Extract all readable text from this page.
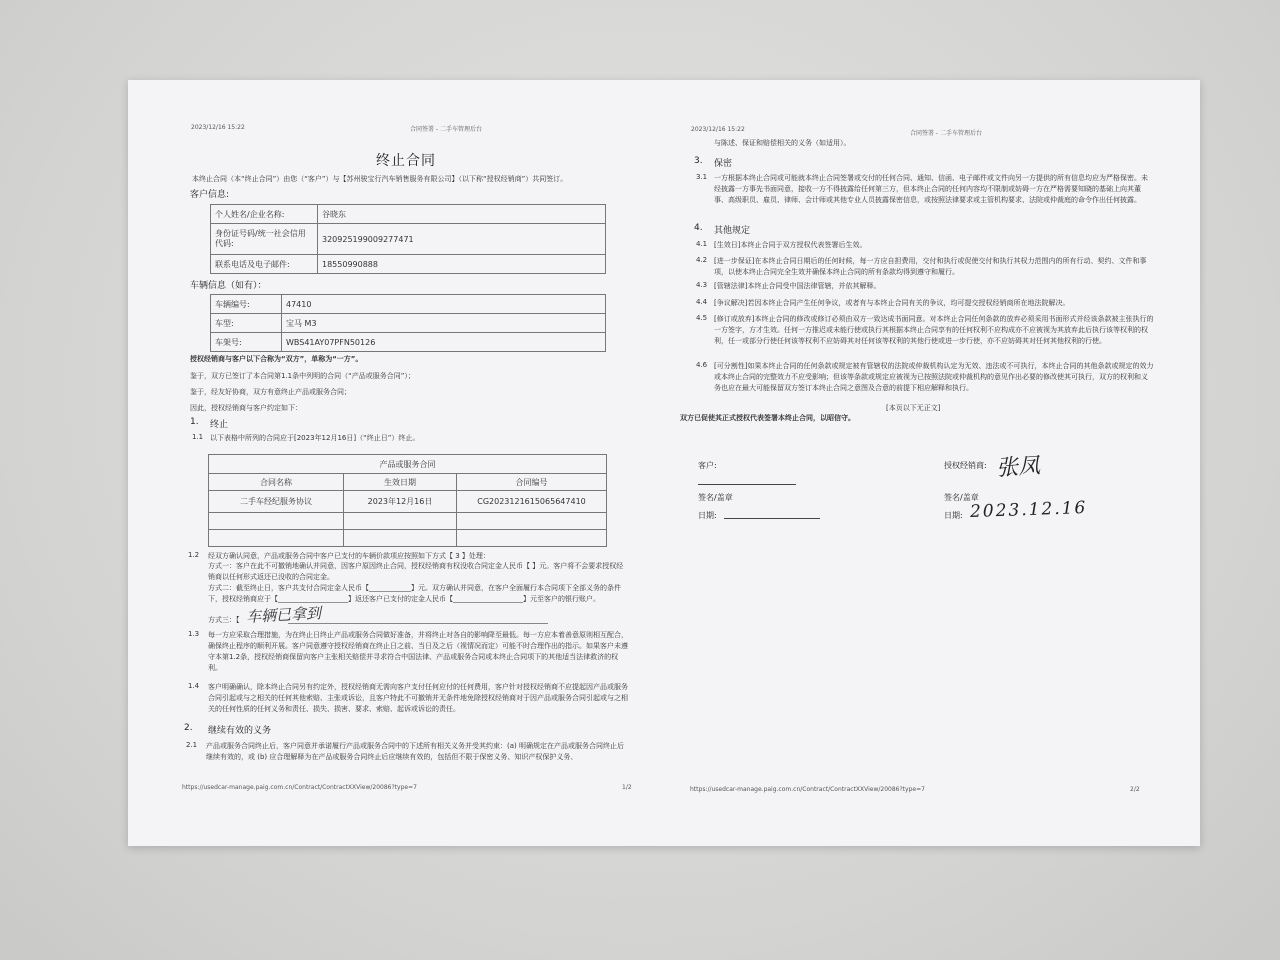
2023/12/16 15:22	合同签署 - 二手车管理后台
终止合同
本终止合同（本“终止合同”）由您（“客户”）与【苏州骏宝行汽车销售服务有限公司】（以下称“授权经销商”）共同签订。
客户信息:
个人姓名/企业名称:	谷晓东
身份证号码/统一社会信用代码:	320925199009277471
联系电话及电子邮件:	18550990888
车辆信息（如有）：
车辆编号:	47410
车型:	宝马 M3
车架号:	WBS41AY07PFN50126
授权经销商与客户以下合称为“双方”，单称为“一方”。
鉴于，双方已签订了本合同第1.1条中列明的合同（“产品或服务合同”）；
鉴于，经友好协商，双方有意终止产品或服务合同；
因此，授权经销商与客户约定如下：
1. 终止
1.1 以下表格中所列的合同应于[2023年12月16日]（“终止日”）终止。
产品或服务合同		
合同名称	生效日期	合同编号
二手车经纪服务协议	2023年12月16日	CG2023121615065647410

1.2 经双方确认同意，产品或服务合同中客户已支付的车辆价款项应按照如下方式【 3 】处理：
方式一：客户在此不可撤销地确认并同意，因客户原因终止合同，授权经销商有权没收合同定金人民币【 】元。客户将不会要求授权经销商以任何形式返还已没收的合同定金。
方式二：截至终止日，客户共支付合同定金人民币【____________】元。双方确认并同意，在客户全面履行本合同项下全部义务的条件下，授权经销商应于【____________________】返还客户已支付的定金人民币【____________________】元至客户的银行账户。
方式三：【 车辆已拿到
1.3 每一方应采取合理措施，为在终止日终止产品或服务合同做好准备，并将终止对各自的影响降至最低。每一方应本着善意原则相互配合，确保终止程序的顺利开展。客户同意遵守授权经销商在终止日之前、当日及之后（视情况而定）可能不时合理作出的指示。如果客户未遵守本第1.2条，授权经销商保留向客户主张相关赔偿并寻求符合中国法律、产品或服务合同或本终止合同项下的其他适当法律救济的权利。
1.4 客户明确确认，除本终止合同另有约定外，授权经销商无需向客户支付任何应付的任何费用，客户针对授权经销商不应提起因产品或服务合同引起或与之相关的任何其他索赔、主张或诉讼，且客户特此不可撤销并无条件地免除授权经销商对于因产品或服务合同引起或与之相关的任何性质的任何义务和责任、损失、损害、要求、索赔、起诉或诉讼的责任。
2. 继续有效的义务
2.1 产品或服务合同终止后，客户同意并承诺履行产品或服务合同中的下述所有相关义务并受其约束：(a) 明确规定在产品或服务合同终止后继续有效的，或 (b) 应合理解释为在产品或服务合同终止后应继续有效的，包括但不限于保密义务、知识产权保护义务、
https://usedcar-manage.paig.com.cn/Contract/ContractXXView/20086?type=7	1/2
2023/12/16 15:22
合同签署 - 二手车管理后台
与陈述、保证和赔偿相关的义务（如适用）。
3. 保密
3.1 一方根据本终止合同或可能就本终止合同签署或交付的任何合同、通知、信函、电子邮件或文件向另一方提供的所有信息均应为严格保密。未经披露一方事先书面同意，接收一方不得披露给任何第三方，但本终止合同的任何内容均不限制或妨碍一方在严格需要知晓的基础上向其董事、高级职员、雇员、律师、会计师或其他专业人员披露保密信息，或按照法律要求或主管机构要求、法院或仲裁庭的命令作出任何披露。
4. 其他规定
4.1 [生效日]本终止合同于双方授权代表签署后生效。
4.2 [进一步保证]在本终止合同日期后的任何时候，每一方应自担费用，交付和执行或促使交付和执行其权力范围内的所有行动、契约、文件和事项，以使本终止合同完全生效并确保本终止合同的所有条款均得到遵守和履行。
4.3 [管辖法律]本终止合同受中国法律管辖，并依其解释。
4.4 [争议解决]若因本终止合同产生任何争议，或者有与本终止合同有关的争议，均可提交授权经销商所在地法院解决。
4.5 [修订或放弃]本终止合同的修改或修订必须由双方一致达成书面同意。对本终止合同任何条款的放弃必须采用书面形式并经该条款被主张执行的一方签字，方才生效。任何一方推迟或未能行使或执行其根据本终止合同享有的任何权利不应构成亦不应被视为其放弃此后执行该等权利的权利，任一或部分行使任何该等权利不应妨碍其对任何该等权利的其他行使或进一步行使，亦不应妨碍其对任何其他权利的行使。
4.6 [可分割性]如果本终止合同的任何条款或规定被有管辖权的法院或仲裁机构认定为无效、违法或不可执行，本终止合同的其他条款或规定的效力或本终止合同的完整效力不应受影响；但该等条款或规定应被视为已按照法院或仲裁机构的意见作出必要的修改使其可执行，双方的权利和义务也应在最大可能保留双方签订本终止合同之意图及合意的前提下相应解释和执行。
[本页以下无正文]
双方已促使其正式授权代表签署本终止合同，以昭信守。
客户:
签名/盖章
日期:
授权经销商: 张凤
签名/盖章
日期: 2023.12.16
https://usedcar-manage.paig.com.cn/Contract/ContractXXView/20086?type=7	2/2
